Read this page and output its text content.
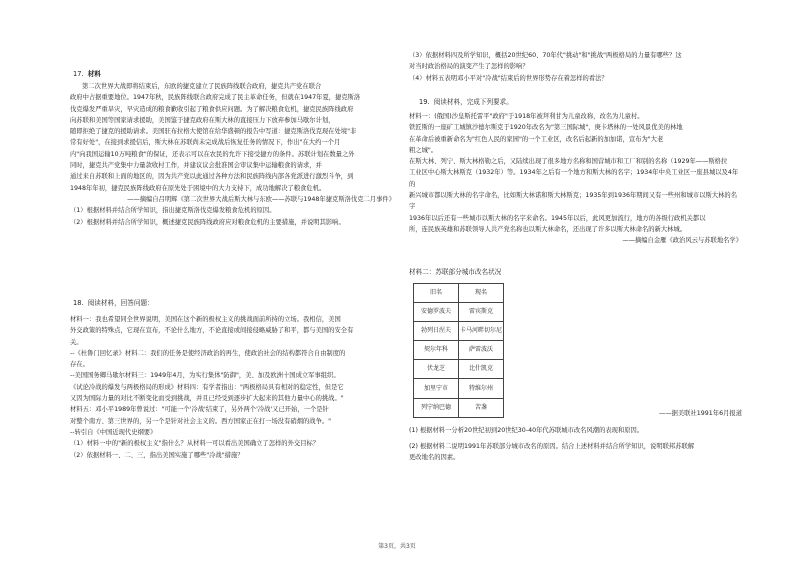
17. 材料

第二次世界大战即将结束后，东欧的捷克建立了民族阵线联合政府，捷克共产党在联合

政府中占据重要地位。1947年秋，民族阵线联合政府完成了民主革命任务，但就在1947年夏，捷克斯洛

伐克爆发严重旱灾，早灾造成的粮食歉收引起了粮食供应问题。为了解决粮食危机，捷克民族阵线政府

向苏联和美国等国家请求援助，美国鉴于捷克政府在斯大林的直接压力下放弃参加马歇尔计划，

随即拒绝了捷克的援助请求。美国驻布拉格大使馆在给华盛顿的报告中写道：捷克斯洛伐克现在处境"非

常有好处"，在接到求援信后，斯大林在苏联尚未完成战后恢复任务的情况下，作出"在大约一个月

内"向我国运输10万吨粮食"的保证，还表示可以在农民的允许下接受捷方的条件。苏联计划在数量之外

同时，捷克共产党集中力量款收村工作，并建议议会批准国会审议集中运输粮食的请求，并

通过来自苏联和上面的地区的，因为共产党以此通过各种方法和民族阵线内部各党派进行激烈斗争，到

1948年年初，捷克民族阵线政府在原先处于困境中的大力支持下，成功地解决了粮食危机。

——摘编自吕明辉《第二次世界大战后斯大林与东欧——苏联与1948年捷克斯洛伐克二月事件》

（1）根据材料并结合所学知识，指出捷克斯洛伐克爆发粮食危机的原因。

（2）根据材料并结合所学知识，概述捷克民族阵线政府应对粮食危机的主要措施，并说明其影响。

18. 阅读材料，回答问题：

材料一：我也希望同全世界说明，美国在这个新的极权主义的挑战面前所持的立场。我相信，美国

外交政策的特殊点，它现在宣布，不论什么地方，不论直接或间接侵略威胁了和平，都与美国的安全有

关。

--《杜鲁门回忆录》材料二：我们的任务是使经济政治的再生，使政治社会的结构都符合自由制度的

存在。

--美国国务卿马歇尔材料三：1949年4月，为实行集体"防御"，美、加及欧洲十国成立军事组织。

《试论冷战的爆发与两极格局的形成》材料四：有学者指出："两极格局具有相对的稳定性，但是它

又因为国际力量的对比不断变化而受到挑战，并且已经受到逐步扩大起来的其他力量中心的挑战。"

材料五：邓小平1989年曾说过："可能一个'冷战'结束了，另外两个'冷战'又已开始，一个是针

对整个南方、第三世界的，另一个是针对社会主义的。西方国家正在打一场没有硝烟的战争。"

--转引自《中国近现代史纲要》

（1）材料一中的"新的极权主义"指什么？从材料一可以看出美国确立了怎样的外交目标？

（2）依据材料一、二、三，指出美国实施了哪些"冷战"措施？

（3）依据材料四及所学知识，概括20世纪60、70年代"挑动"和"挑战"两极格局的力量有哪些？这

对当时政治格局的演变产生了怎样的影响？

（4）材料五表明邓小平对"冷战"结束后的世界形势存在着怎样的看法？

19. 阅读材料，完成下列要求。

材料一：(俄国)沙皇斯托雷平"政府"于1918年被拜利甘为儿童改称，改名为儿童村。

铁匠斯的一座矿工城镇沙德尔斯克于1920年改名为"第三国际城"，庚卡塔林的一处风景优美的林地

在革命后被重新命名为"红色人民的家园"的一个工业区，改名后起新的加加诺，宣布为"大老

粗之城"。

在斯大林、列宁、斯大林格勒之后，又陆续出现了很多地方名称和国营城市和工厂和别的名称（1929年——斯格拉

工业区中心斯大林斯克（1932年）等。1934年之后有一个地方和斯大林的名字；1934年中央工业区一座县城以及4年的

新兴城市都以斯大林的名字命名，比如斯大林诺和斯大林斯克；1935年到1936年期间又有一些州和城市以斯大林的名字

1936年以后还有一些城市以斯大林的名字来命名。1945年以后，此风更加流行，地方的各级行政机关都以

所，连民族英雄和苏联领导人共产党名称也以斯大林命名，还出现了许多以斯大林命名的新大林城。

——摘编自金雁《政治风云与苏联地名学》

材料二：苏联部分城市改名状况
旧名	现名
安德罗波夫	雷宾斯克
勃列日涅夫	卡马河畔切尔尼
契尔年科	萨雷波沃
伏龙芝	比什凯克
加里宁市	特维尔州
列宁纳巴德	苦盏

——据美联社1991年6月报道

(1) 根据材料一分析20世纪初到20世纪30-40年代苏联城市改名风潮的表现和原因。

(2) 根据材料二说明1991年苏联部分城市改名的原因。结合上述材料并结合所学知识，说明联邦苏联解

更改地名的因素。

第3页，共3页
